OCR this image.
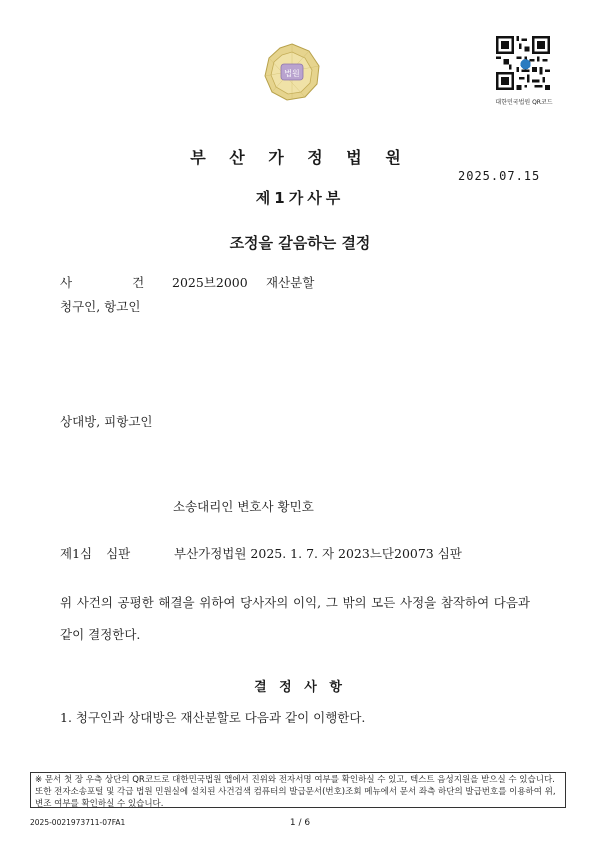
법원
대한민국법원 QR코드
부 산 가 정 법 원
2025.07.15
제1가사부
조정을 갈음하는 결정
사	건 2025브2000 재산분할
청구인, 항고인
상대방, 피항고인
소송대리인 변호사 황민호
제1심 심판	부산가정법원 2025. 1. 7. 자 2023느단20073 심판
위 사건의 공평한 해결을 위하여 당사자의 이익, 그 밖의 모든 사정을 참작하여 다음과 같이 결정한다.
결 정 사 항
1. 청구인과 상대방은 재산분할로 다음과 같이 이행한다.
※ 문서 첫 장 우측 상단의 QR코드로 대한민국법원 앱에서 진위와 전자서명 여부를 확인하실 수 있고, 텍스트 음성지원을 받으실 수 있습니다. 또한 전자소송포털 및 각급 법원 민원실에 설치된 사건검색 컴퓨터의 발급문서(번호)조회 메뉴에서 문서 좌측 하단의 발급번호를 이용하여 위,변조 여부를 확인하실 수 있습니다.
2025-0021973711-07FA1	1 / 6
